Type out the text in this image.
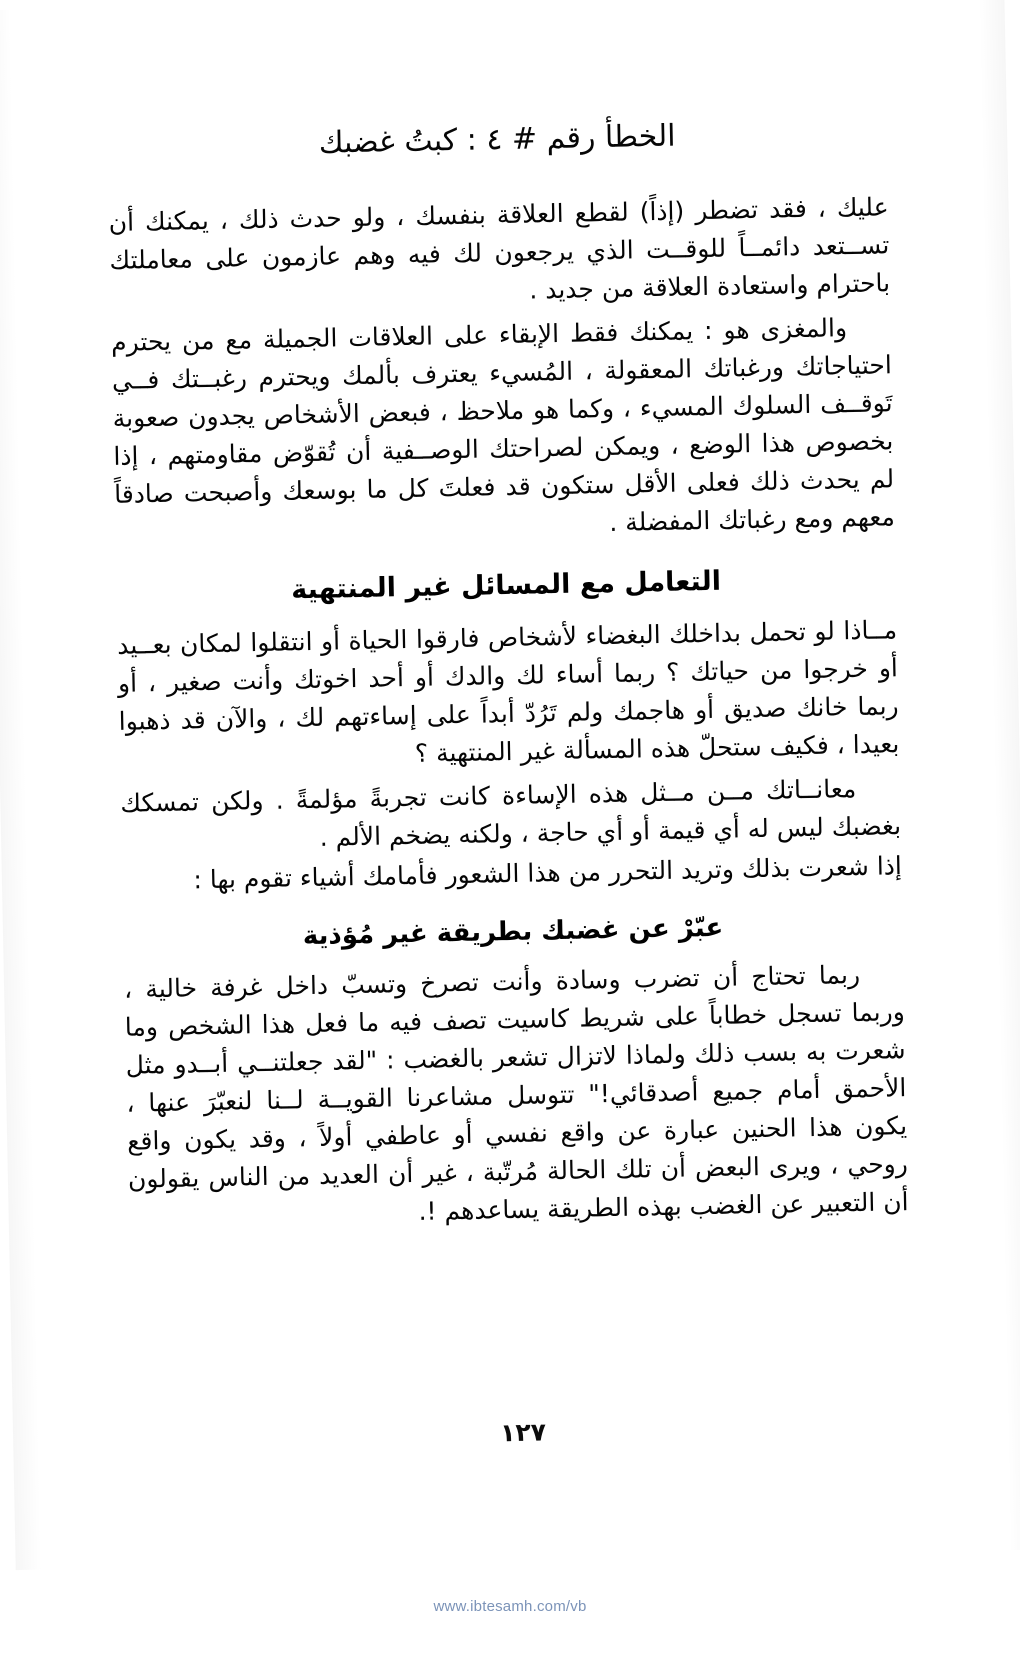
الخطأ رقم # ٤ : كبتُ غضبك

عليك ، فقد تضطر (إذاً) لقطع العلاقة بنفسك ، ولو حدث ذلك ، يمكنك أن تســتعد دائمــاً للوقــت الذي يرجعون لك فيه وهم عازمون على معاملتك باحترام واستعادة العلاقة من جديد .

والمغزى هو : يمكنك فقط الإبقاء على العلاقات الجميلة مع من يحترم احتياجاتك ورغباتك المعقولة ، المُسيء يعترف بألمك ويحترم رغبــتك فــي تَوقــف السلوك المسيء ، وكما هو ملاحظ ، فبعض الأشخاص يجدون صعوبة بخصوص هذا الوضع ، ويمكن لصراحتك الوصــفية أن تُقوّض مقاومتهم ، إذا لم يحدث ذلك فعلى الأقل ستكون قد فعلتَ كل ما بوسعك وأصبحت صادقاً معهم ومع رغباتك المفضلة .

التعامل مع المسائل غير المنتهية

مــاذا لو تحمل بداخلك البغضاء لأشخاص فارقوا الحياة أو انتقلوا لمكان بعــيد أو خرجوا من حياتك ؟ ربما أساء لك والدك أو أحد اخوتك وأنت صغير ، أو ربما خانك صديق أو هاجمك ولم تَرُدّ أبداً على إساءتهم لك ، والآن قد ذهبوا بعيدا ، فكيف ستحلّ هذه المسألة غير المنتهية ؟

معانــاتك مــن مــثل هذه الإساءة كانت تجربةً مؤلمةً . ولكن تمسكك بغضبك ليس له أي قيمة أو أي حاجة ، ولكنه يضخم الألم .

إذا شعرت بذلك وتريد التحرر من هذا الشعور فأمامك أشياء تقوم بها :

عبّرْ عن غضبك بطريقة غير مُؤذية

ربما تحتاج أن تضرب وسادة وأنت تصرخ وتسبّ داخل غرفة خالية ، وربما تسجل خطاباً على شريط كاسيت تصف فيه ما فعل هذا الشخص وما شعرت به بسب ذلك ولماذا لاتزال تشعر بالغضب : "لقد جعلتنــي أبــدو مثل الأحمق أمام جميع أصدقائي!" تتوسل مشاعرنا القويــة لــنا لنعبّرَ عنها ، يكون هذا الحنين عبارة عن واقع نفسي أو عاطفي أولاً ، وقد يكون واقع روحي ، ويرى البعض أن تلك الحالة مُرتّبة ، غير أن العديد من الناس يقولون أن التعبير عن الغضب بهذه الطريقة يساعدهم !.

١٢٧
www.ibtesamh.com/vb
